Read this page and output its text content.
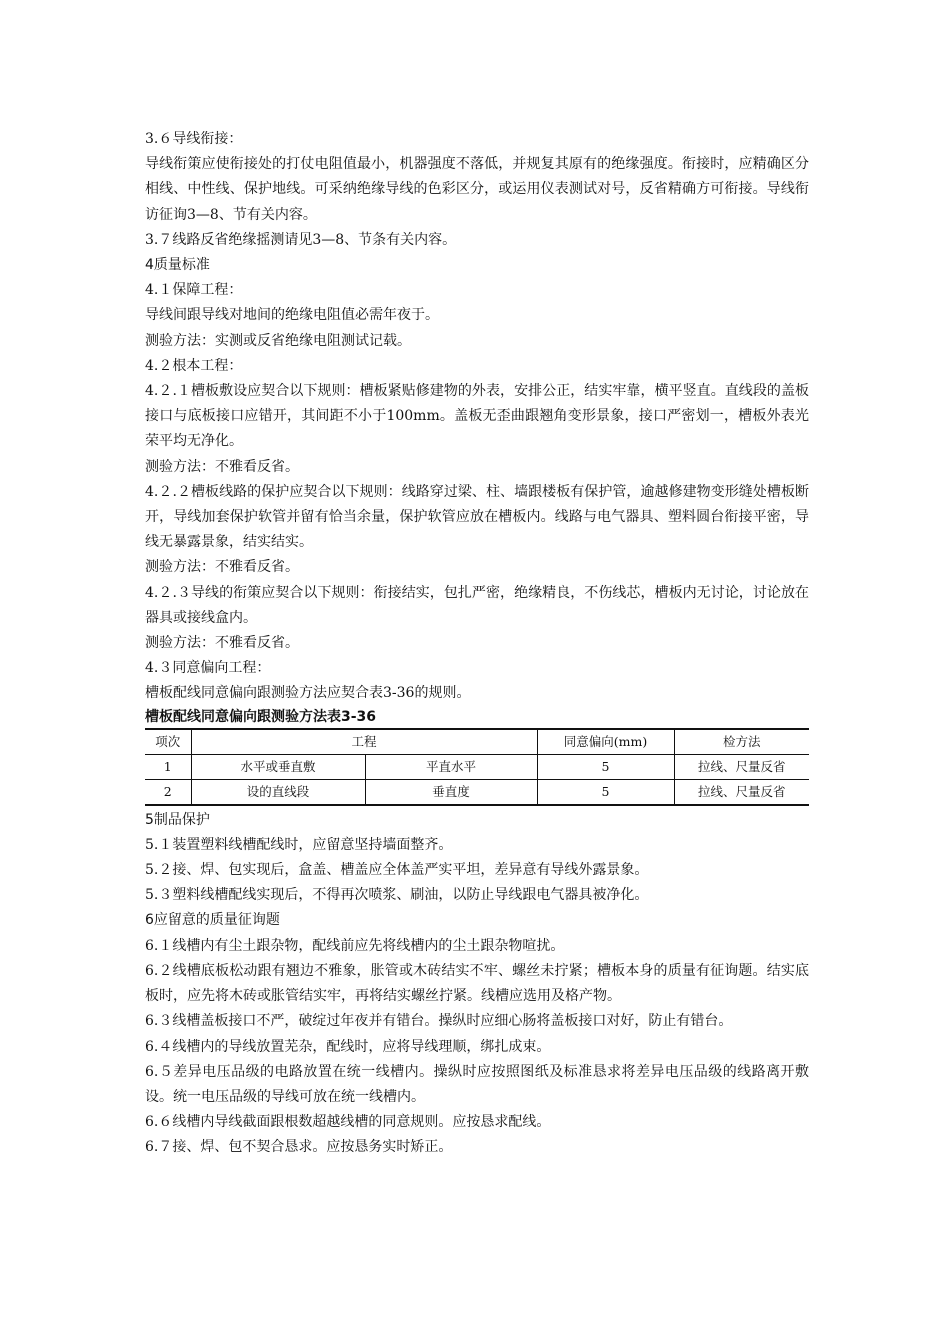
3.６导线衔接：

导线衔策应使衔接处的打仗电阻值最小，机器强度不落低，并规复其原有的绝缘强度。衔接时，应精确区分相线、中性线、保护地线。可采纳绝缘导线的色彩区分，或运用仪表测试对号，反省精确方可衔接。导线衔访征询3—8、节有关内容。

3.７线路反省绝缘摇测请见3—8、节条有关内容。

4质量标准

4.１保障工程：

导线间跟导线对地间的绝缘电阻值必需年夜于。

测验方法：实测或反省绝缘电阻测试记载。

4.２根本工程：

4.２.１槽板敷设应契合以下规则：槽板紧贴修建物的外表，安排公正，结实牢靠，横平竖直。直线段的盖板接口与底板接口应错开，其间距不小于100mm。盖板无歪曲跟翘角变形景象，接口严密划一，槽板外表光荣平均无净化。

测验方法：不雅看反省。

4.２.２槽板线路的保护应契合以下规则：线路穿过梁、柱、墙跟楼板有保护管，逾越修建物变形缝处槽板断开，导线加套保护软管并留有恰当余量，保护软管应放在槽板内。线路与电气器具、塑料圆台衔接平密，导线无暴露景象，结实结实。

测验方法：不雅看反省。

4.２.３导线的衔策应契合以下规则：衔接结实，包扎严密，绝缘精良，不伤线芯，槽板内无讨论，讨论放在器具或接线盒内。

测验方法：不雅看反省。

4.３同意偏向工程：

槽板配线同意偏向跟测验方法应契合表3-36的规则。

槽板配线同意偏向跟测验方法表3-36

项次	工程		同意偏向(mm)	检方法
1	水平或垂直敷	平直水平	5	拉线、尺量反省
2	设的直线段	垂直度	5	拉线、尺量反省

5制品保护

5.１装置塑料线槽配线时，应留意坚持墙面整齐。

5.２接、焊、包实现后，盒盖、槽盖应全体盖严实平坦，差异意有导线外露景象。

5.３塑料线槽配线实现后，不得再次喷浆、刷油，以防止导线跟电气器具被净化。

6应留意的质量征询题

6.１线槽内有尘土跟杂物，配线前应先将线槽内的尘土跟杂物喧扰。

6.２线槽底板松动跟有翘边不雅象，胀管或木砖结实不牢、螺丝未拧紧；槽板本身的质量有征询题。结实底板时，应先将木砖或胀管结实牢，再将结实螺丝拧紧。线槽应选用及格产物。

6.３线槽盖板接口不严，破绽过年夜并有错台。操纵时应细心肠将盖板接口对好，防止有错台。

6.４线槽内的导线放置芜杂，配线时，应将导线理顺，绑扎成束。

6.５差异电压品级的电路放置在统一线槽内。操纵时应按照图纸及标准恳求将差异电压品级的线路离开敷设。统一电压品级的导线可放在统一线槽内。

6.６线槽内导线截面跟根数超越线槽的同意规则。应按恳求配线。

6.７接、焊、包不契合恳求。应按恳务实时矫正。
